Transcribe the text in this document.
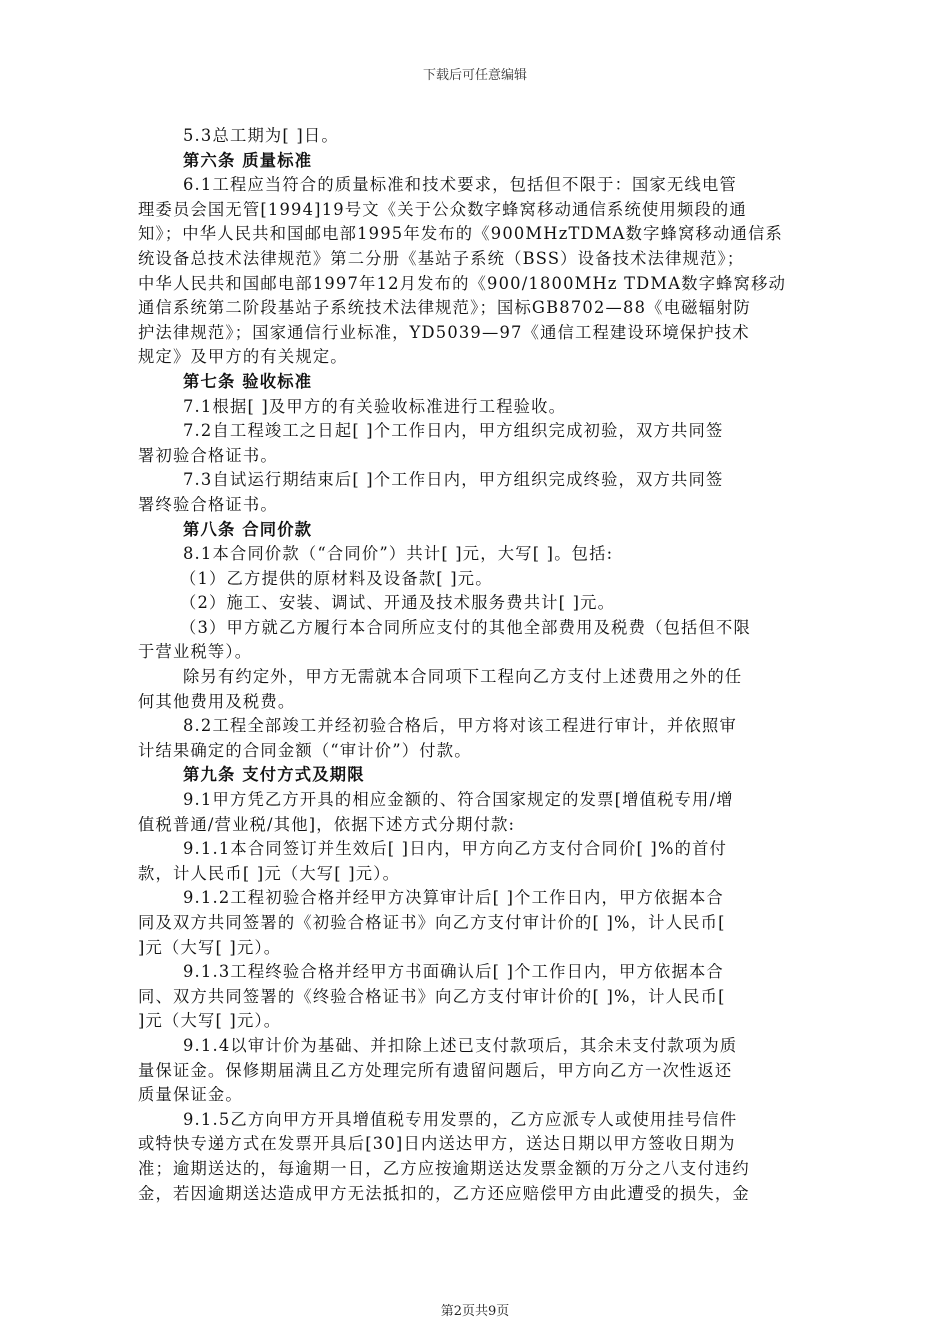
下载后可任意编辑
5.3总工期为[ ]日。
第六条 质量标准
6.1工程应当符合的质量标准和技术要求，包括但不限于：国家无线电管
理委员会国无管[1994]19号文《关于公众数字蜂窝移动通信系统使用频段的通
知》；中华人民共和国邮电部1995年发布的《900MHzTDMA数字蜂窝移动通信系
统设备总技术法律规范》第二分册《基站子系统（BSS）设备技术法律规范》；
中华人民共和国邮电部1997年12月发布的《900/1800MHz TDMA数字蜂窝移动
通信系统第二阶段基站子系统技术法律规范》；国标GB8702—88《电磁辐射防
护法律规范》；国家通信行业标准，YD5039—97《通信工程建设环境保护技术
规定》及甲方的有关规定。
第七条 验收标准
7.1根据[ ]及甲方的有关验收标准进行工程验收。
7.2自工程竣工之日起[ ]个工作日内，甲方组织完成初验，双方共同签
署初验合格证书。
7.3自试运行期结束后[ ]个工作日内，甲方组织完成终验，双方共同签
署终验合格证书。
第八条 合同价款
8.1本合同价款（“合同价”）共计[ ]元，大写[ ]。包括:
（1）乙方提供的原材料及设备款[ ]元。
（2）施工、安装、调试、开通及技术服务费共计[ ]元。
（3）甲方就乙方履行本合同所应支付的其他全部费用及税费（包括但不限
于营业税等）。
除另有约定外，甲方无需就本合同项下工程向乙方支付上述费用之外的任
何其他费用及税费。
8.2工程全部竣工并经初验合格后，甲方将对该工程进行审计，并依照审
计结果确定的合同金额（“审计价”）付款。
第九条 支付方式及期限
9.1甲方凭乙方开具的相应金额的、符合国家规定的发票[增值税专用/增
值税普通/营业税/其他]，依据下述方式分期付款:
9.1.1本合同签订并生效后[ ]日内，甲方向乙方支付合同价[ ]%的首付
款，计人民币[ ]元（大写[ ]元）。
9.1.2工程初验合格并经甲方决算审计后[ ]个工作日内，甲方依据本合
同及双方共同签署的《初验合格证书》向乙方支付审计价的[ ]%，计人民币[
]元（大写[ ]元）。
9.1.3工程终验合格并经甲方书面确认后[ ]个工作日内，甲方依据本合
同、双方共同签署的《终验合格证书》向乙方支付审计价的[ ]%，计人民币[
]元（大写[ ]元）。
9.1.4以审计价为基础、并扣除上述已支付款项后，其余未支付款项为质
量保证金。保修期届满且乙方处理完所有遗留问题后，甲方向乙方一次性返还
质量保证金。
9.1.5乙方向甲方开具增值税专用发票的，乙方应派专人或使用挂号信件
或特快专递方式在发票开具后[30]日内送达甲方，送达日期以甲方签收日期为
准；逾期送达的，每逾期一日，乙方应按逾期送达发票金额的万分之八支付违约
金，若因逾期送达造成甲方无法抵扣的，乙方还应赔偿甲方由此遭受的损失，金
第2页共9页
